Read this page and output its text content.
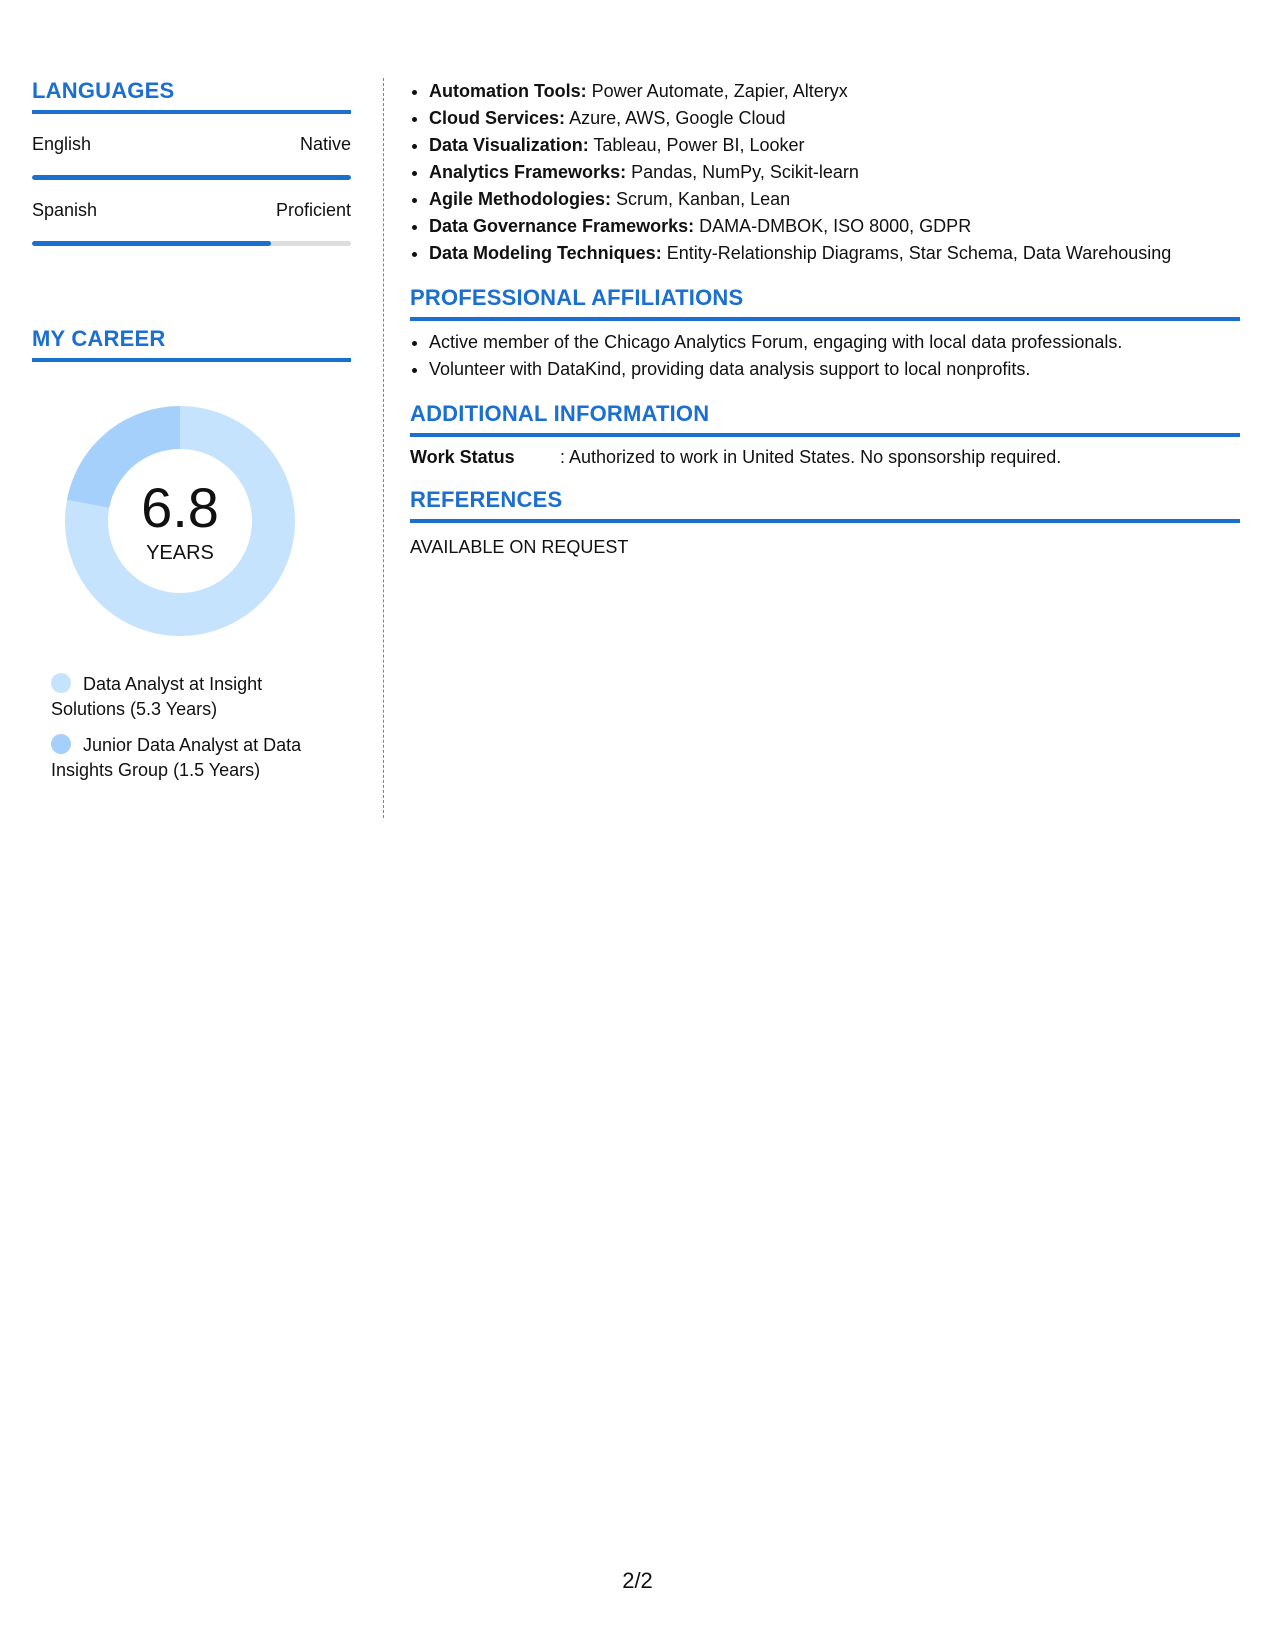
LANGUAGES
English	Native
Spanish	Proficient
MY CAREER
6.8
YEARS
Data Analyst at Insight Solutions (5.3 Years)
Junior Data Analyst at Data Insights Group (1.5 Years)
• Automation Tools: Power Automate, Zapier, Alteryx
• Cloud Services: Azure, AWS, Google Cloud
• Data Visualization: Tableau, Power BI, Looker
• Analytics Frameworks: Pandas, NumPy, Scikit-learn
• Agile Methodologies: Scrum, Kanban, Lean
• Data Governance Frameworks: DAMA-DMBOK, ISO 8000, GDPR
• Data Modeling Techniques: Entity-Relationship Diagrams, Star Schema, Data Warehousing
PROFESSIONAL AFFILIATIONS
• Active member of the Chicago Analytics Forum, engaging with local data professionals.
• Volunteer with DataKind, providing data analysis support to local nonprofits.
ADDITIONAL INFORMATION
Work Status	: Authorized to work in United States. No sponsorship required.
REFERENCES
AVAILABLE ON REQUEST
2/2
